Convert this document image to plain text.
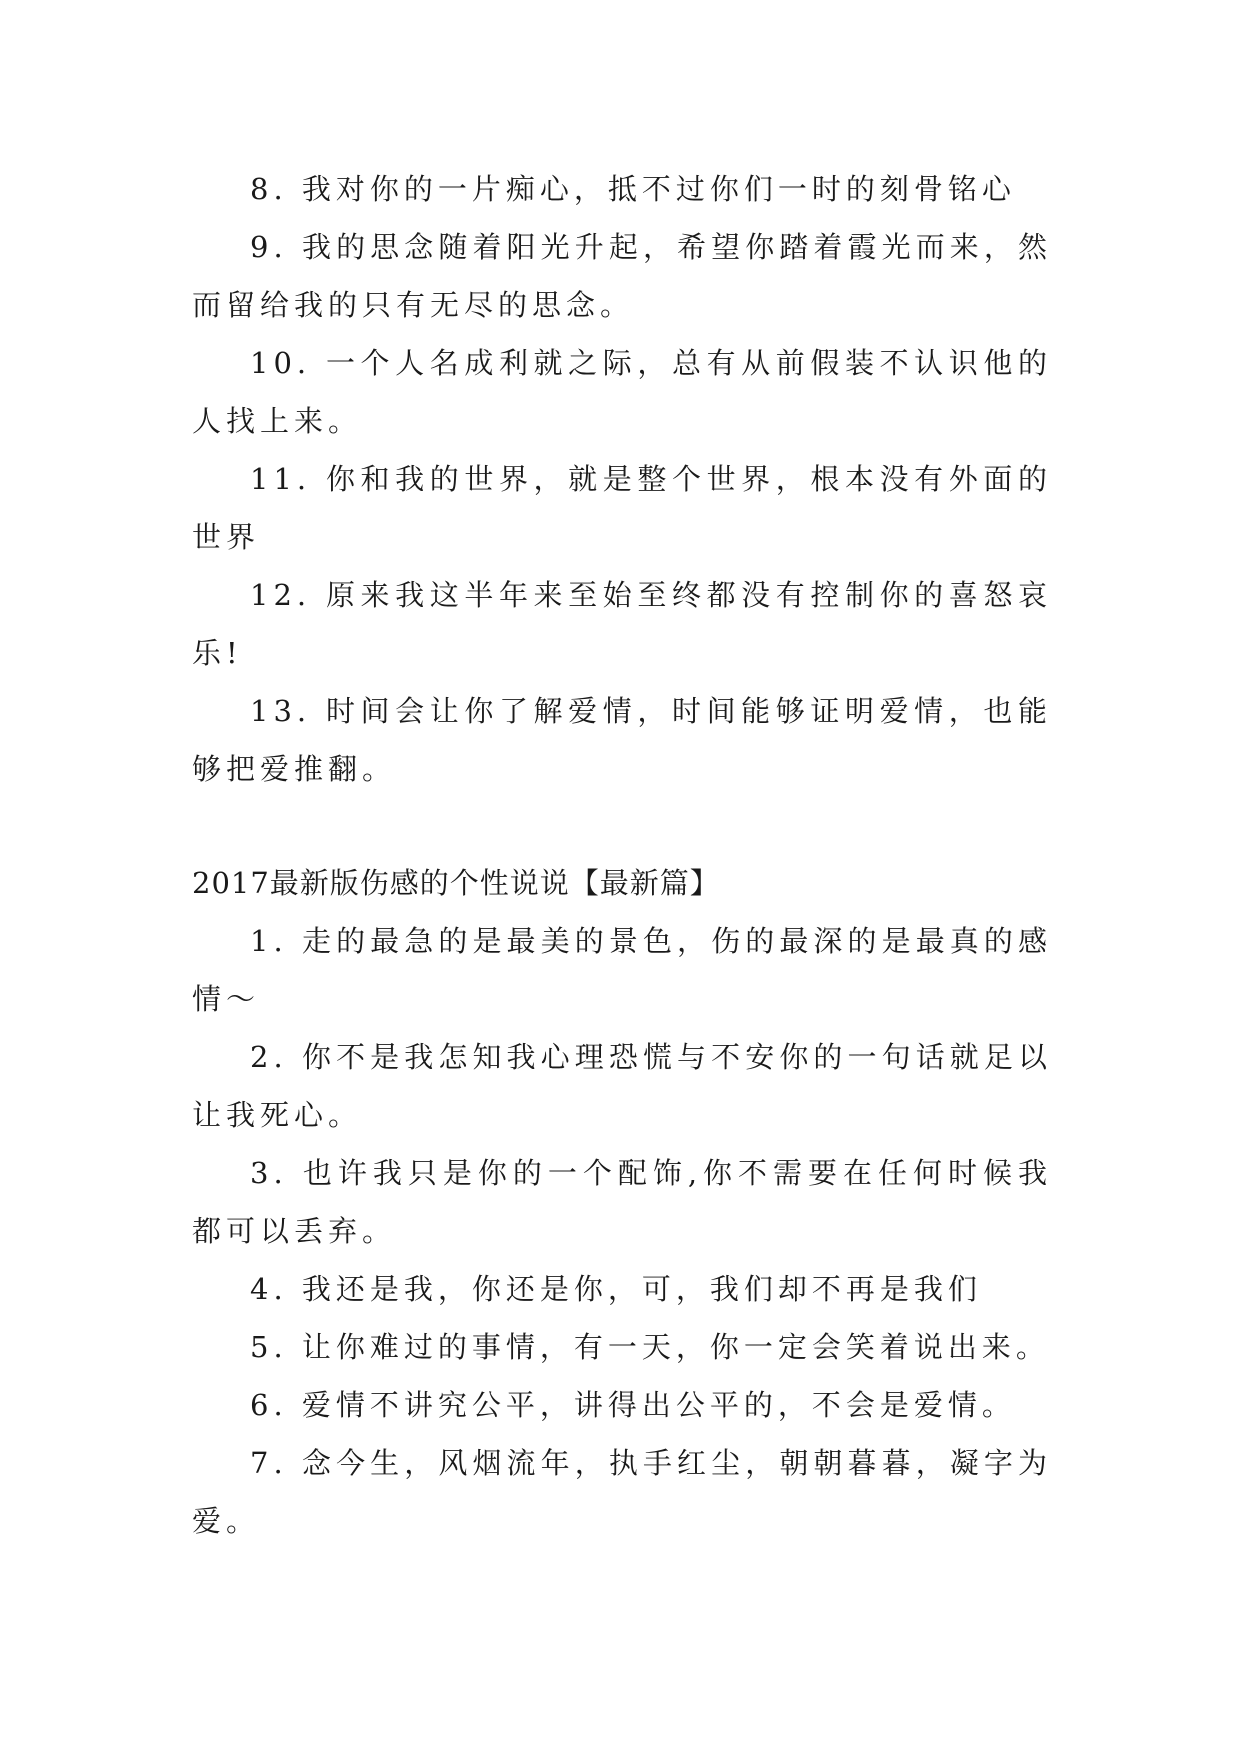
8. 我对你的一片痴心，抵不过你们一时的刻骨铭心

9. 我的思念随着阳光升起，希望你踏着霞光而来，然而留给我的只有无尽的思念。

10. 一个人名成利就之际，总有从前假装不认识他的人找上来。

11. 你和我的世界，就是整个世界，根本没有外面的世界

12. 原来我这半年来至始至终都没有控制你的喜怒哀乐!

13. 时间会让你了解爱情，时间能够证明爱情，也能够把爱推翻。

2017最新版伤感的个性说说【最新篇】

1. 走的最急的是最美的景色，伤的最深的是最真的感情～

2. 你不是我怎知我心理恐慌与不安你的一句话就足以让我死心。

3. 也许我只是你的一个配饰,你不需要在任何时候我都可以丢弃。

4. 我还是我，你还是你，可，我们却不再是我们

5. 让你难过的事情，有一天，你一定会笑着说出来。

6. 爱情不讲究公平，讲得出公平的，不会是爱情。

7. 念今生，风烟流年，执手红尘，朝朝暮暮，凝字为爱。
